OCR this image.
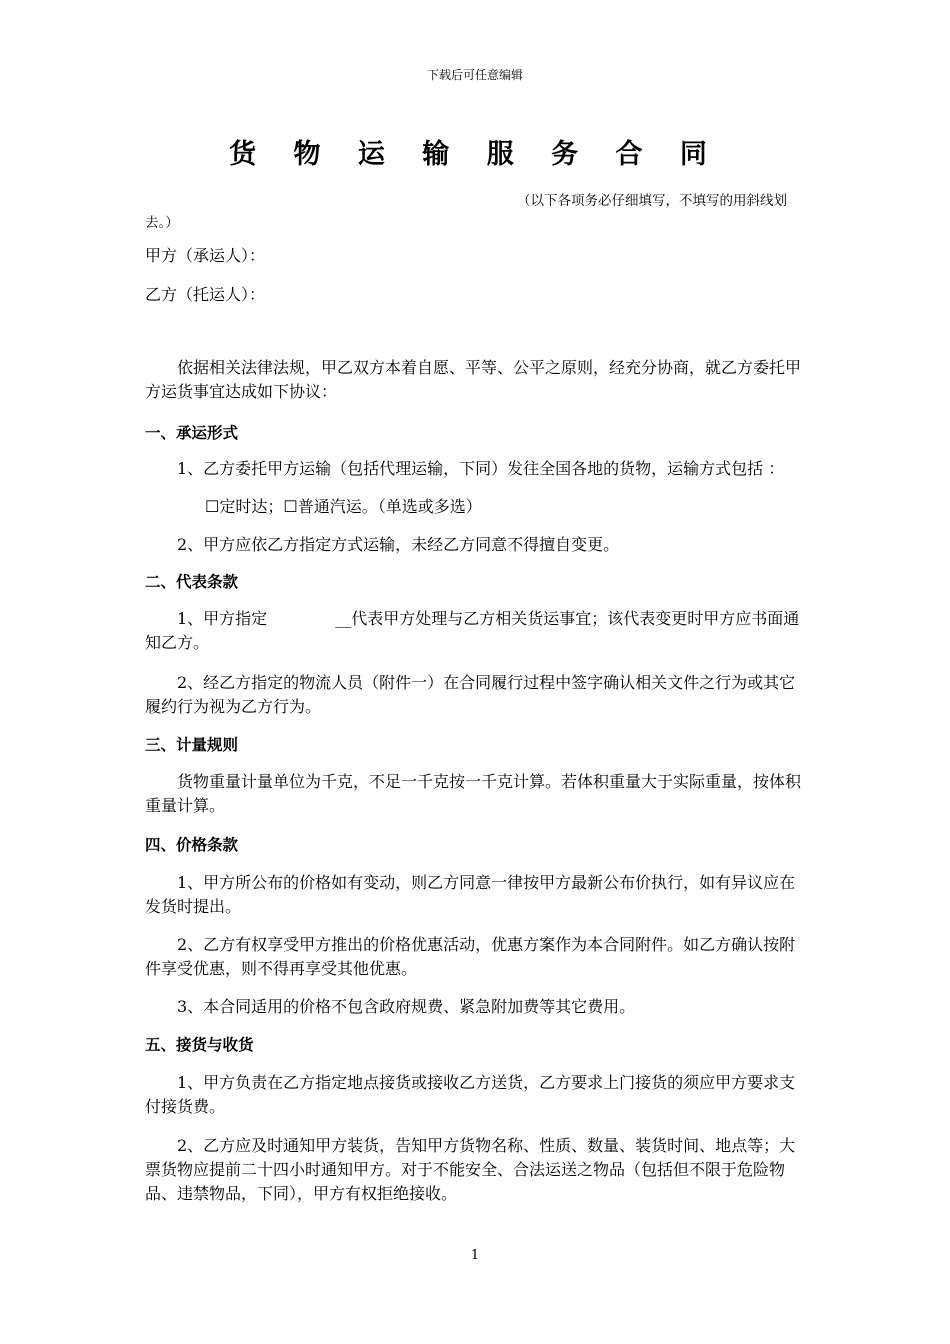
下载后可任意编辑
货 物 运 输 服 务 合 同
（以下各项务必仔细填写，不填写的用斜线划去。）
甲方（承运人）：
乙方（托运人）：
依据相关法律法规，甲乙双方本着自愿、平等、公平之原则，经充分协商，就乙方委托甲方运货事宜达成如下协议：
一、承运形式
1、乙方委托甲方运输（包括代理运输，下同）发往全国各地的货物，运输方式包括 ：
☐定时达；☐普通汽运。（单选或多选）
2、甲方应依乙方指定方式运输，未经乙方同意不得擅自变更。
二、代表条款
1、甲方指定	__代表甲方处理与乙方相关货运事宜；该代表变更时甲方应书面通知乙方。
2、经乙方指定的物流人员（附件一）在合同履行过程中签字确认相关文件之行为或其它履约行为视为乙方行为。
三、计量规则
货物重量计量单位为千克，不足一千克按一千克计算。若体积重量大于实际重量，按体积重量计算。
四、价格条款
1、甲方所公布的价格如有变动，则乙方同意一律按甲方最新公布价执行，如有异议应在发货时提出。
2、乙方有权享受甲方推出的价格优惠活动，优惠方案作为本合同附件。如乙方确认按附件享受优惠，则不得再享受其他优惠。
3、本合同适用的价格不包含政府规费、紧急附加费等其它费用。
五、接货与收货
1、甲方负责在乙方指定地点接货或接收乙方送货，乙方要求上门接货的须应甲方要求支付接货费。
2、乙方应及时通知甲方装货，告知甲方货物名称、性质、数量、装货时间、地点等；大票货物应提前二十四小时通知甲方。对于不能安全、合法运送之物品（包括但不限于危险物品、违禁物品，下同），甲方有权拒绝接收。
1
